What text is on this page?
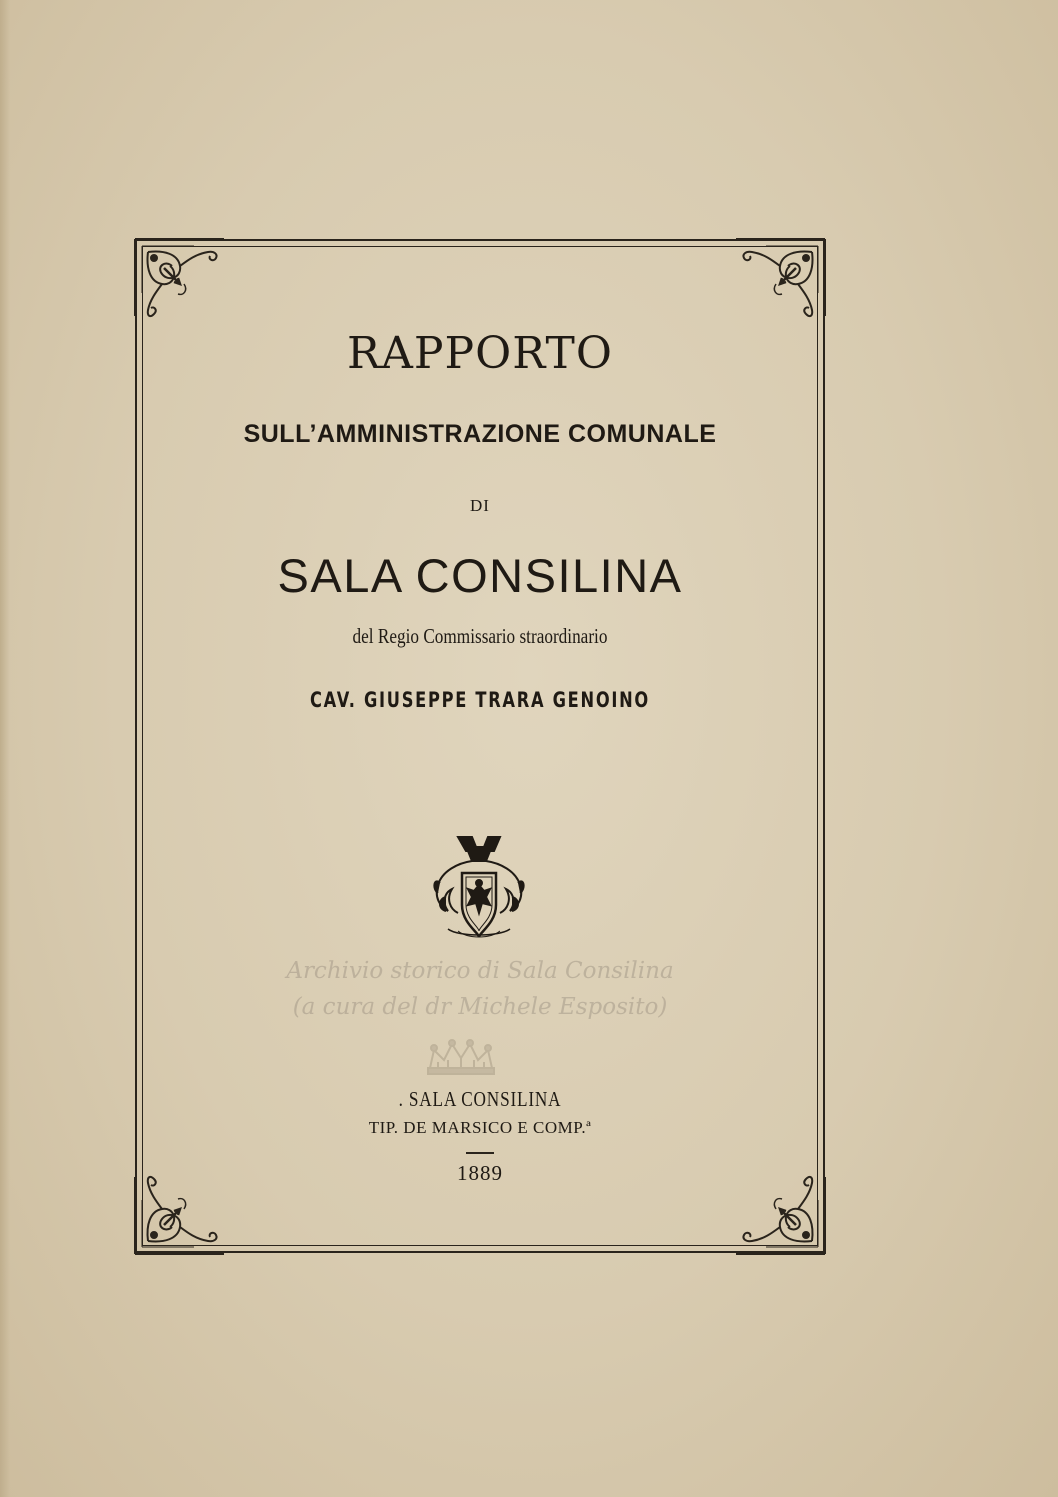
RAPPORTO
SULL’AMMINISTRAZIONE COMUNALE
DI
SALA CONSILINA
del Regio Commissario straordinario
CAV. GIUSEPPE TRARA GENOINO
Archivio storico di Sala Consilina
(a cura del dr Michele Esposito)
. SALA CONSILINA
TIP. DE MARSICO E COMP.ª
1889
